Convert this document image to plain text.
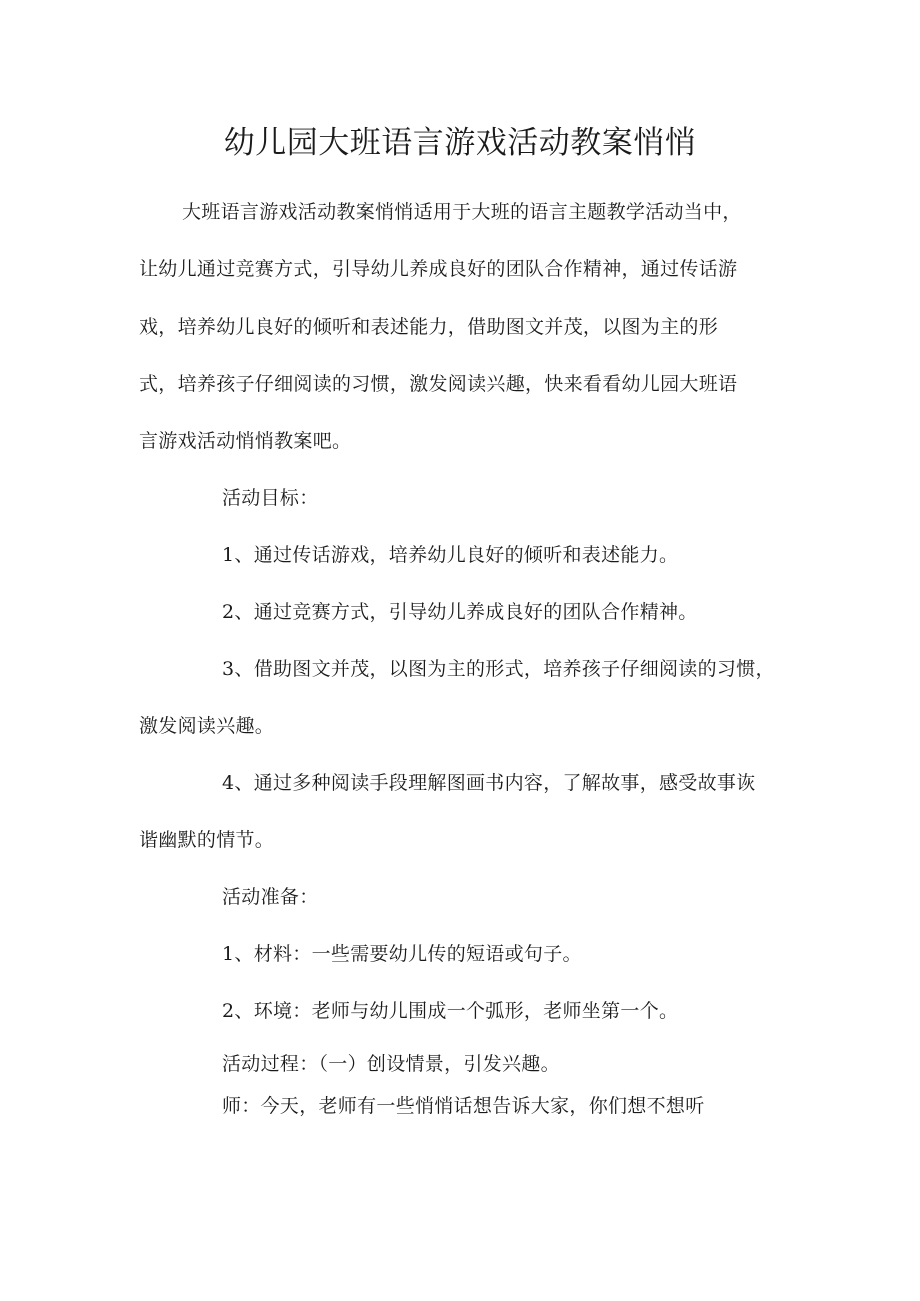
幼儿园大班语言游戏活动教案悄悄
大班语言游戏活动教案悄悄适用于大班的语言主题教学活动当中，
让幼儿通过竞赛方式，引导幼儿养成良好的团队合作精神，通过传话游
戏，培养幼儿良好的倾听和表述能力，借助图文并茂，以图为主的形
式，培养孩子仔细阅读的习惯，激发阅读兴趣，快来看看幼儿园大班语
言游戏活动悄悄教案吧。
活动目标：
1、通过传话游戏，培养幼儿良好的倾听和表述能力。
2、通过竞赛方式，引导幼儿养成良好的团队合作精神。
3、借助图文并茂，以图为主的形式，培养孩子仔细阅读的习惯，
激发阅读兴趣。
4、通过多种阅读手段理解图画书内容，了解故事，感受故事诙
谐幽默的情节。
活动准备：
1、材料：一些需要幼儿传的短语或句子。
2、环境：老师与幼儿围成一个弧形，老师坐第一个。
活动过程：（一）创设情景，引发兴趣。
师：今天，老师有一些悄悄话想告诉大家，你们想不想听
